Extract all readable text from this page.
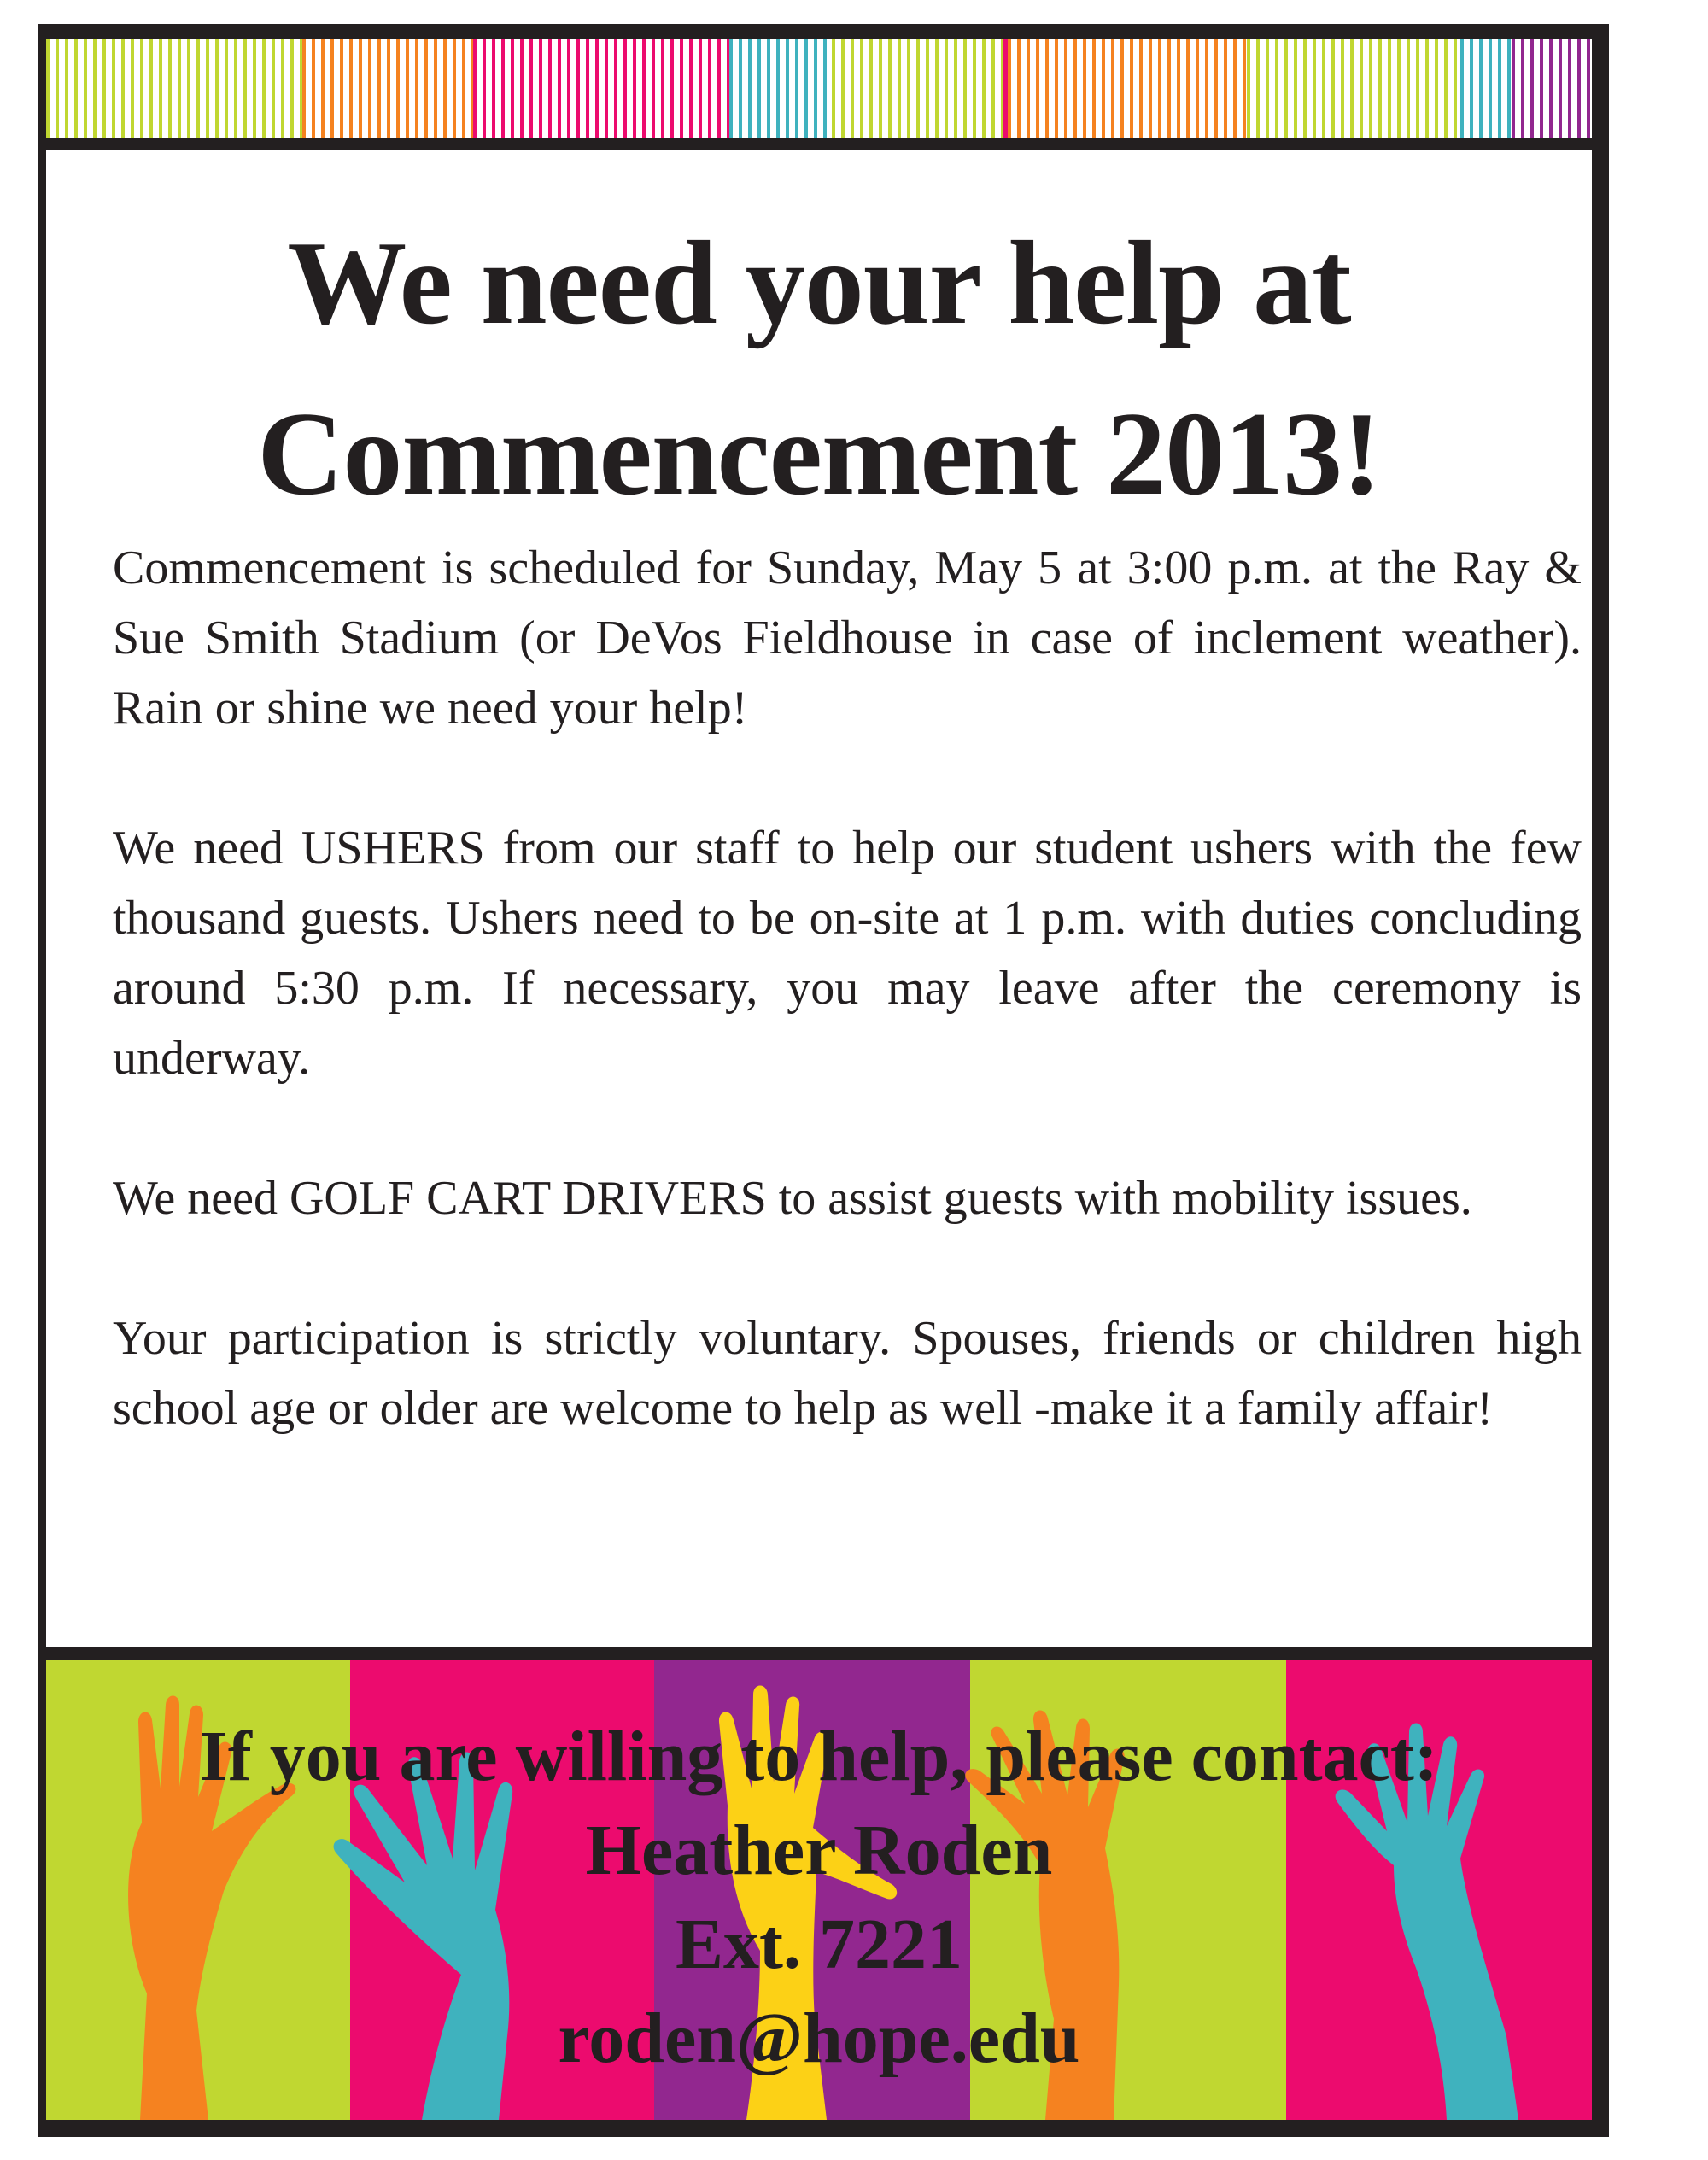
We need your help at
Commencement 2013!

Commencement is scheduled for Sunday, May 5 at 3:00 p.m. at the Ray & Sue Smith Stadium (or DeVos Fieldhouse in case of inclement weather). Rain or shine we need your help!

We need USHERS from our staff to help our student ushers with the few thousand guests. Ushers need to be on-site at 1 p.m. with duties concluding around 5:30 p.m. If necessary, you may leave after the ceremony is underway.

We need GOLF CART DRIVERS to assist guests with mobility issues.

Your participation is strictly voluntary. Spouses, friends or children high school age or older are welcome to help as well -make it a family affair!

If you are willing to help, please contact:
Heather Roden
Ext. 7221
roden@hope.edu
